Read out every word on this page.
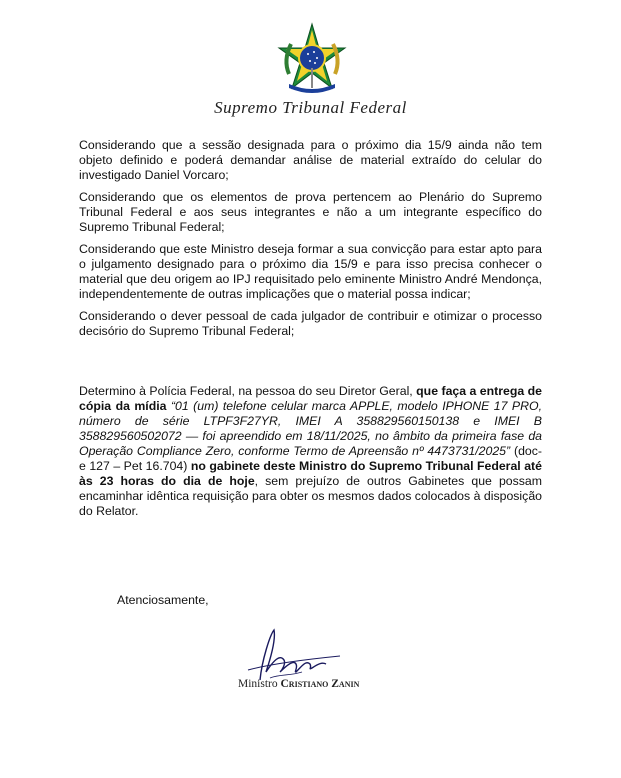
Supremo Tribunal Federal

Considerando que a sessão designada para o próximo dia 15/9 ainda não tem objeto definido e poderá demandar análise de material extraído do celular do investigado Daniel Vorcaro;

Considerando que os elementos de prova pertencem ao Plenário do Supremo Tribunal Federal e aos seus integrantes e não a um integrante específico do Supremo Tribunal Federal;

Considerando que este Ministro deseja formar a sua convicção para estar apto para o julgamento designado para o próximo dia 15/9 e para isso precisa conhecer o material que deu origem ao IPJ requisitado pelo eminente Ministro André Mendonça, independentemente de outras implicações que o material possa indicar;

Considerando o dever pessoal de cada julgador de contribuir e otimizar o processo decisório do Supremo Tribunal Federal;

Determino à Polícia Federal, na pessoa do seu Diretor Geral, que faça a entrega de cópia da mídia “01 (um) telefone celular marca APPLE, modelo IPHONE 17 PRO, número de série LTPF3F27YR, IMEI A 358829560150138 e IMEI B 358829560502072 — foi apreendido em 18/11/2025, no âmbito da primeira fase da Operação Compliance Zero, conforme Termo de Apreensão nº 4473731/2025” (doc-e 127 – Pet 16.704) no gabinete deste Ministro do Supremo Tribunal Federal até às 23 horas do dia de hoje, sem prejuízo de outros Gabinetes que possam encaminhar idêntica requisição para obter os mesmos dados colocados à disposição do Relator.

Atenciosamente,
Ministro Cristiano Zanin
